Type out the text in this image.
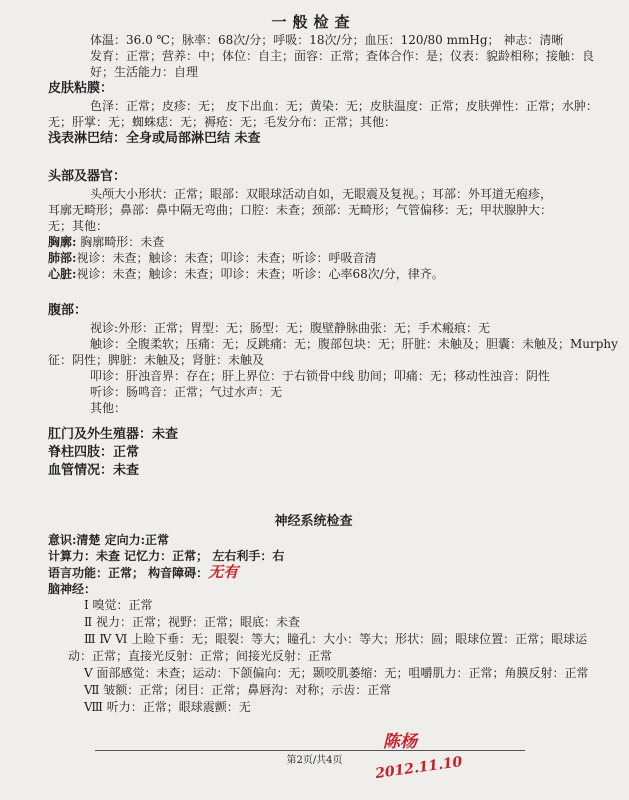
一般检查
体温：36.0 ℃；脉率：68次/分；呼吸：18次/分；血压：120/80 mmHg； 神志：清晰
发育：正常；营养：中；体位：自主；面容：正常；查体合作：是；仪表：貌龄相称；接触：良好；生活能力：自理
皮肤粘膜：
色泽：正常；皮疹：无； 皮下出血：无；黄染：无；皮肤温度：正常；皮肤弹性：正常；水肿：
无；肝掌：无；蜘蛛痣：无；褥疮：无；毛发分布：正常；其他：
浅表淋巴结：全身或局部淋巴结 未查
头部及器官：
头颅大小形状：正常；眼部：双眼球活动自如，无眼震及复视。；耳部：外耳道无疱疹，
耳廓无畸形；鼻部：鼻中隔无弯曲；口腔：未查；颈部：无畸形；气管偏移：无；甲状腺肿大：
无；其他：
胸廓: 胸廓畸形：未查
肺部:视诊：未查；触诊：未查；叩诊：未查；听诊：呼吸音清
心脏:视诊：未查；触诊：未查；叩诊：未查；听诊：心率68次/分，律齐。
腹部：
视诊:外形：正常；胃型：无；肠型：无；腹壁静脉曲张：无；手术瘢痕：无
触诊：全腹柔软；压痛：无；反跳痛：无；腹部包块：无；肝脏：未触及；胆囊：未触及；Murphy
征：阴性；脾脏：未触及；肾脏：未触及
叩诊：肝浊音界：存在；肝上界位：于右锁骨中线 肋间；叩痛：无；移动性浊音：阴性
听诊：肠鸣音：正常；气过水声：无
其他：
肛门及外生殖器：未查
脊柱四肢：正常
血管情况：未查
神经系统检查
意识:清楚 定向力:正常
计算力：未查 记忆力：正常； 左右利手：右
语言功能：正常； 构音障碍：无有
脑神经：
Ⅰ 嗅觉：正常
Ⅱ 视力：正常；视野：正常；眼底：未查
Ⅲ Ⅳ Ⅵ 上睑下垂：无；眼裂：等大；瞳孔：大小：等大；形状：圆；眼球位置：正常；眼球运
动：正常；直接光反射：正常；间接光反射：正常
Ⅴ 面部感觉：未查；运动：下颌偏向：无；颞咬肌萎缩：无；咀嚼肌力：正常；角膜反射：正常
Ⅶ 皱额：正常；闭目：正常；鼻唇沟：对称；示齿：正常
Ⅷ 听力：正常；眼球震颤：无
陈杨
2012.11.10
第2页/共4页
